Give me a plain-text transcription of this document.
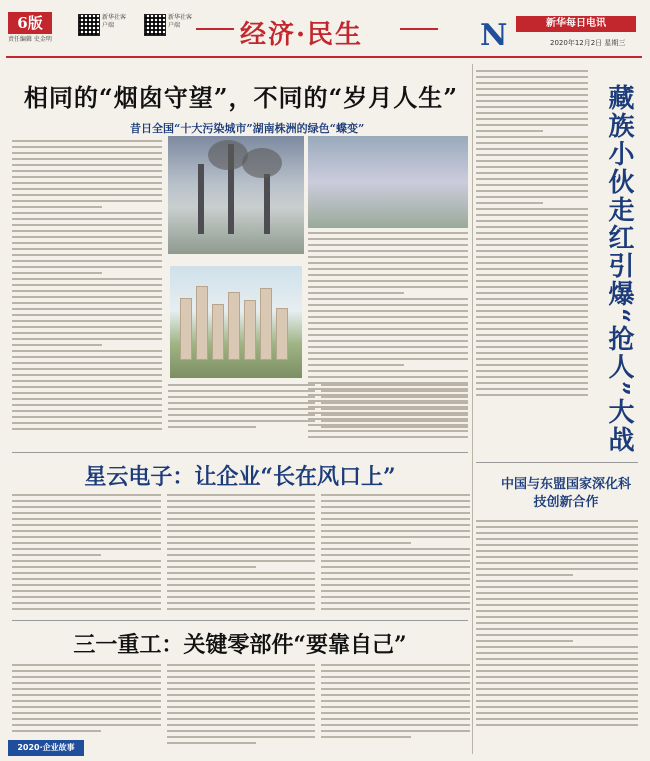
6版
责任编辑 史金明
新华社客户端
新华社客户端	经济·民生	N	新华每日电讯
2020年12月2日 星期三
相同的“烟囱守望”，不同的“岁月人生”
昔日全国“十大污染城市”湖南株洲的绿色“蝶变”	藏族小伙走红引爆“抢人”大战
中国与东盟国家深化科技创新合作
星云电子：让企业“长在风口上”
三一重工：关键零部件“要靠自己”
2020·企业故事
